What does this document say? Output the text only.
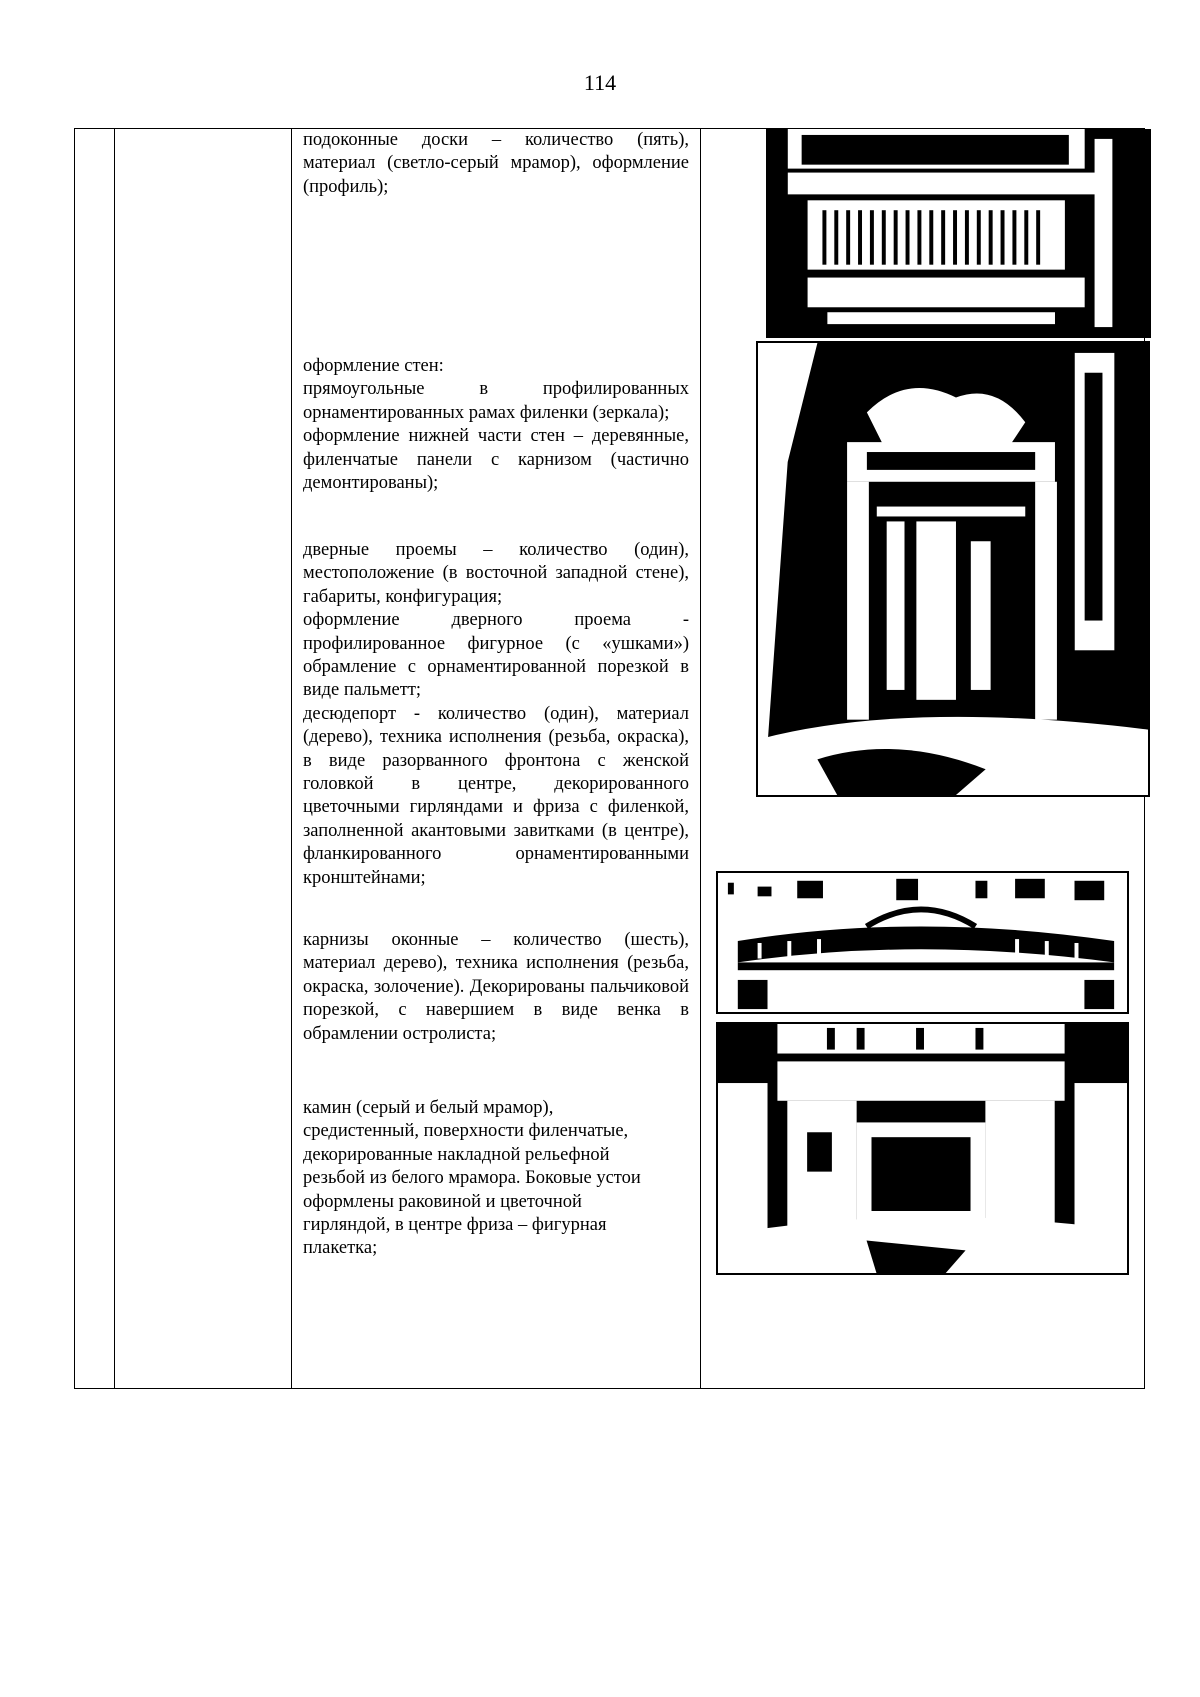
114

подоконные доски – количество (пять), материал (светло-серый мрамор), оформление (профиль);
оформление стен:
прямоугольные в профилированных орнаментированных рамах филенки (зеркала);
оформление нижней части стен – деревянные, филенчатые панели с карнизом (частично демонтированы);
дверные проемы – количество (один), местоположение (в восточной западной стене), габариты, конфигурация;
оформление дверного проема - профилированное фигурное (с «ушками») обрамление с орнаментированной порезкой в виде пальметт;
десюдепорт - количество (один), материал (дерево), техника исполнения (резьба, окраска), в виде разорванного фронтона с женской головкой в центре, декорированного цветочными гирляндами и фриза с филенкой, заполненной акантовыми завитками (в центре), фланкированного орнаментированными кронштейнами;
карнизы оконные – количество (шесть), материал дерево), техника исполнения (резьба, окраска, золочение). Декорированы пальчиковой порезкой, с навершием в виде венка в обрамлении остролиста;
камин (серый и белый мрамор), средистенный, поверхности филенчатые, декорированные накладной рельефной резьбой из белого мрамора. Боковые устои оформлены раковиной и цветочной гирляндой, в центре фриза – фигурная плакетка;
